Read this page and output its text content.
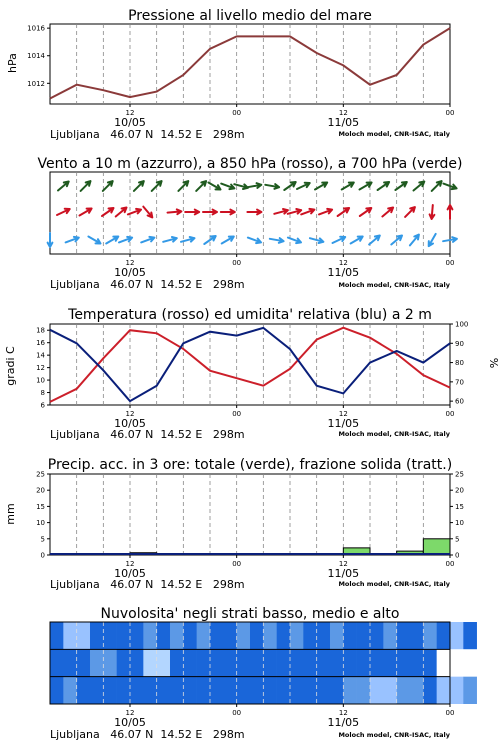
Pressione al livello medio del mare
hPa
1012
1014
1016
12	00	12	00
10/05	11/05
Ljubljana   46.07 N  14.52 E   298m	Moloch model, CNR-ISAC, Italy
Vento a 10 m (azzurro), a 850 hPa (rosso), a 700 hPa (verde)
12	00	12	00
10/05	11/05
Ljubljana   46.07 N  14.52 E   298m	Moloch model, CNR-ISAC, Italy
Temperatura (rosso) ed umidita' relativa (blu) a 2 m
gradi C	%
6
8
10
12
14
16
18
60
70
80
90
100
12	00	12	00
10/05	11/05
Ljubljana   46.07 N  14.52 E   298m	Moloch model, CNR-ISAC, Italy
Precip. acc. in 3 ore: totale (verde), frazione solida (tratt.)
mm
0
5
10
15
20
25
0
5
10
15
20
25
12	00	12	00
10/05	11/05
Ljubljana   46.07 N  14.52 E   298m	Moloch model, CNR-ISAC, Italy
Nuvolosita' negli strati basso, medio e alto
12	00	12	00
10/05	11/05
Ljubljana   46.07 N  14.52 E   298m	Moloch model, CNR-ISAC, Italy
